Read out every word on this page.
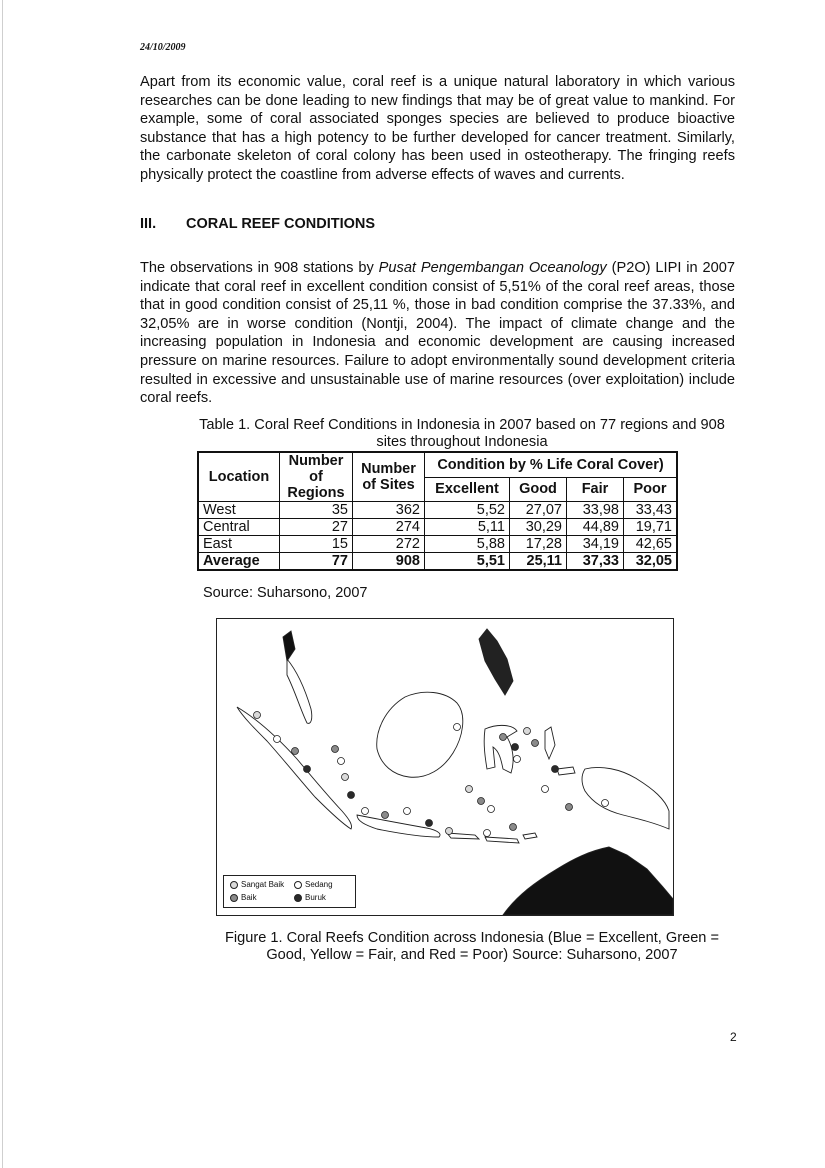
24/10/2009

Apart from its economic value, coral reef is a unique natural laboratory in which various researches can be done leading to new findings that may be of great value to mankind. For example, some of coral associated sponges species are believed to produce bioactive substance that has a high potency to be further developed for cancer treatment. Similarly, the carbonate skeleton of coral colony has been used in osteotherapy. The fringing reefs physically protect the coastline from adverse effects of waves and currents.

III. CORAL REEF CONDITIONS

The observations in 908 stations by Pusat Pengembangan Oceanology (P2O) LIPI in 2007 indicate that coral reef in excellent condition consist of 5,51% of the coral reef areas, those that in good condition consist of 25,11 %, those in bad condition comprise the 37.33%, and 32,05% are in worse condition (Nontji, 2004). The impact of climate change and the increasing population in Indonesia and economic development are causing increased pressure on marine resources. Failure to adopt environmentally sound development criteria resulted in excessive and unsustainable use of marine resources (over exploitation) include coral reefs.

Table 1. Coral Reef Conditions in Indonesia in 2007 based on 77 regions and 908 sites throughout Indonesia
Location	Number of Regions	Number of Sites	Condition by % Life Coral Cover)			
			Excellent	Good	Fair	Poor
West	35	362	5,52	27,07	33,98	33,43
Central	27	274	5,11	30,29	44,89	19,71
East	15	272	5,88	17,28	34,19	42,65
Average	77	908	5,51	25,11	37,33	32,05
Source: Suharsono, 2007
Sangat Baik	Sedang
Baik	Buruk
Figure 1. Coral Reefs Condition across Indonesia (Blue = Excellent, Green =
Good, Yellow = Fair, and Red = Poor) Source: Suharsono, 2007
2
